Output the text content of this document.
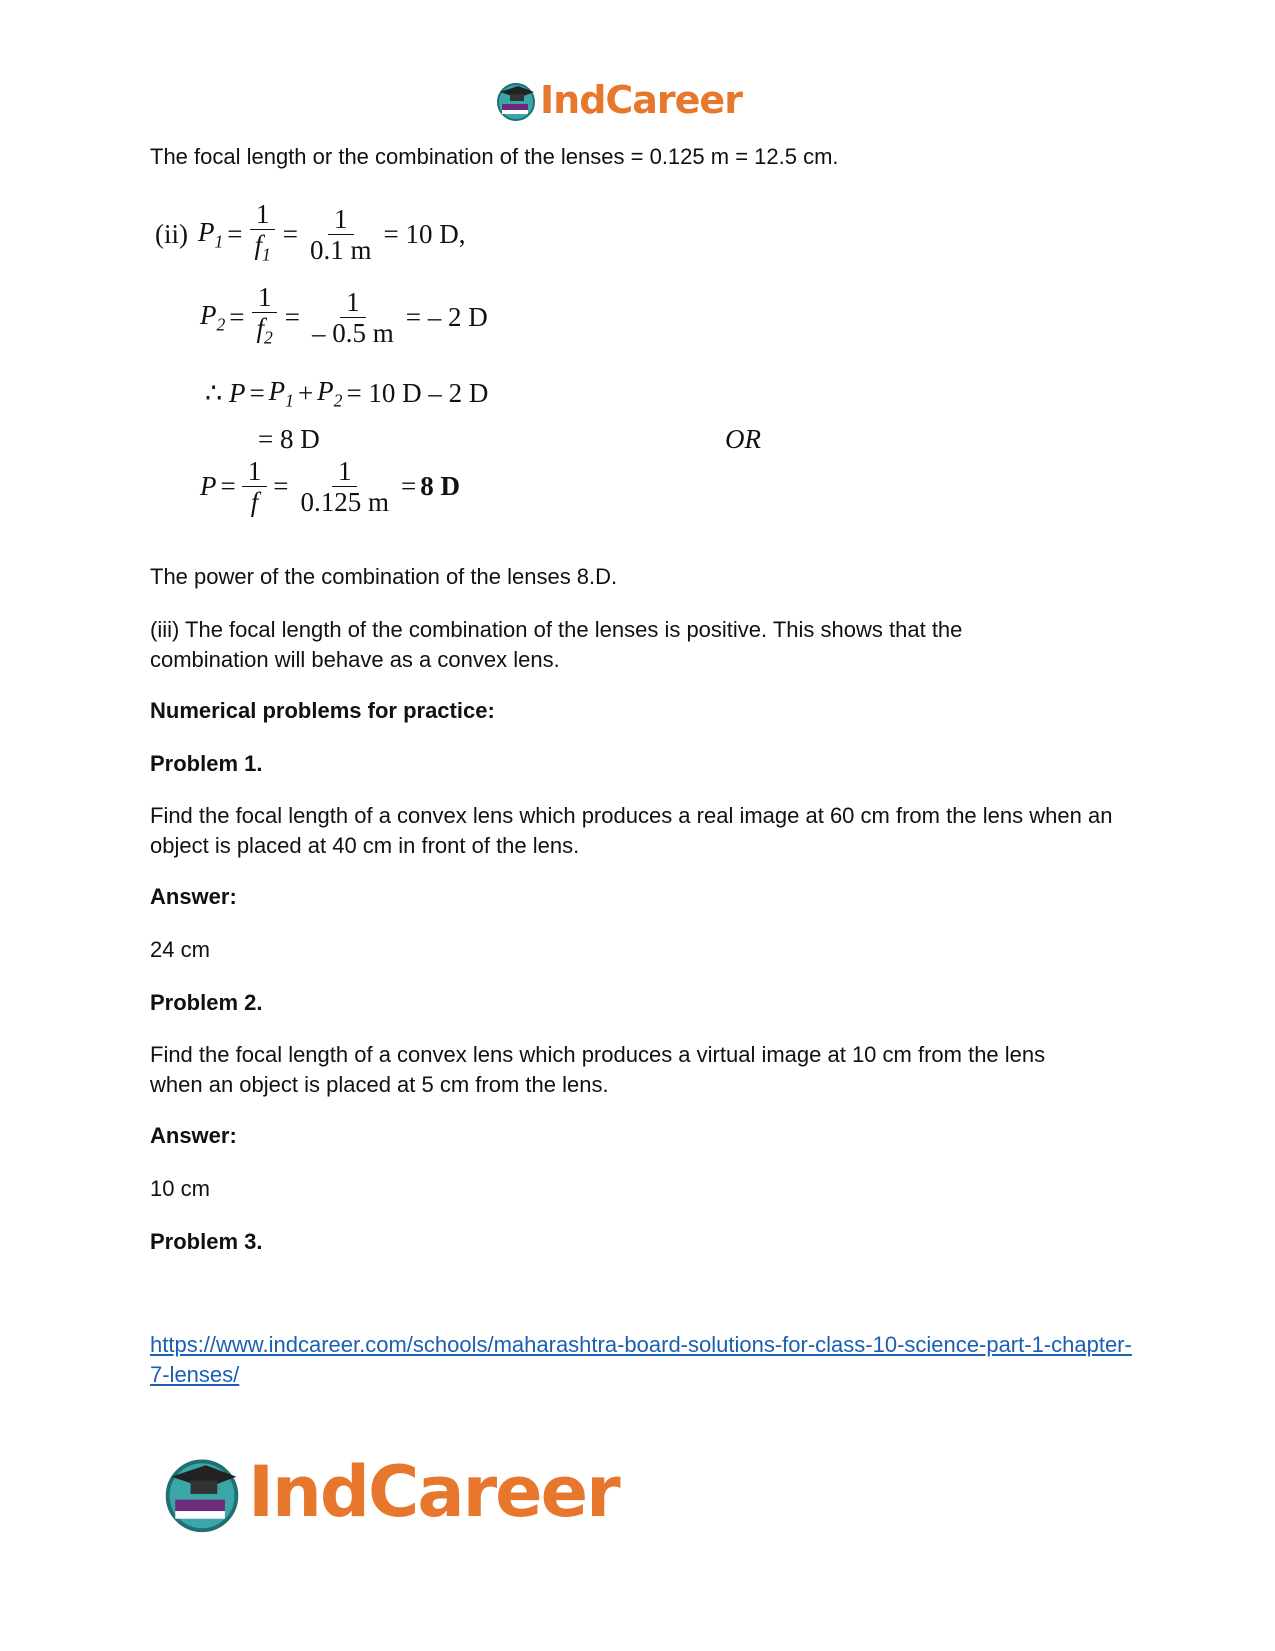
IndCareer

The focal length or the combination of the lenses = 0.125 m = 12.5 cm.

(ii) $P_1 = \frac{1}{f_1} = \frac{1}{0.1 m} = 10$ D,
$P_2 = \frac{1}{f_2} = \frac{1}{- 0.5 m}$ = – 2 D
∴ $P = P_1 + P_2 = 10$ D – 2 D
= 8 D	OR
$P = \frac{1}{f} = \frac{1}{0.125 m} = 8$ D

The power of the combination of the lenses 8.D.

(iii) The focal length of the combination of the lenses is positive. This shows that the combination will behave as a convex lens.

Numerical problems for practice:

Problem 1.

Find the focal length of a convex lens which produces a real image at 60 cm from the lens when an object is placed at 40 cm in front of the lens.

Answer:

24 cm

Problem 2.

Find the focal length of a convex lens which produces a virtual image at 10 cm from the lens when an object is placed at 5 cm from the lens.

Answer:

10 cm

Problem 3.

https://www.indcareer.com/schools/maharashtra-board-solutions-for-class-10-science-part-1-chapter-7-lenses/
IndCareer
